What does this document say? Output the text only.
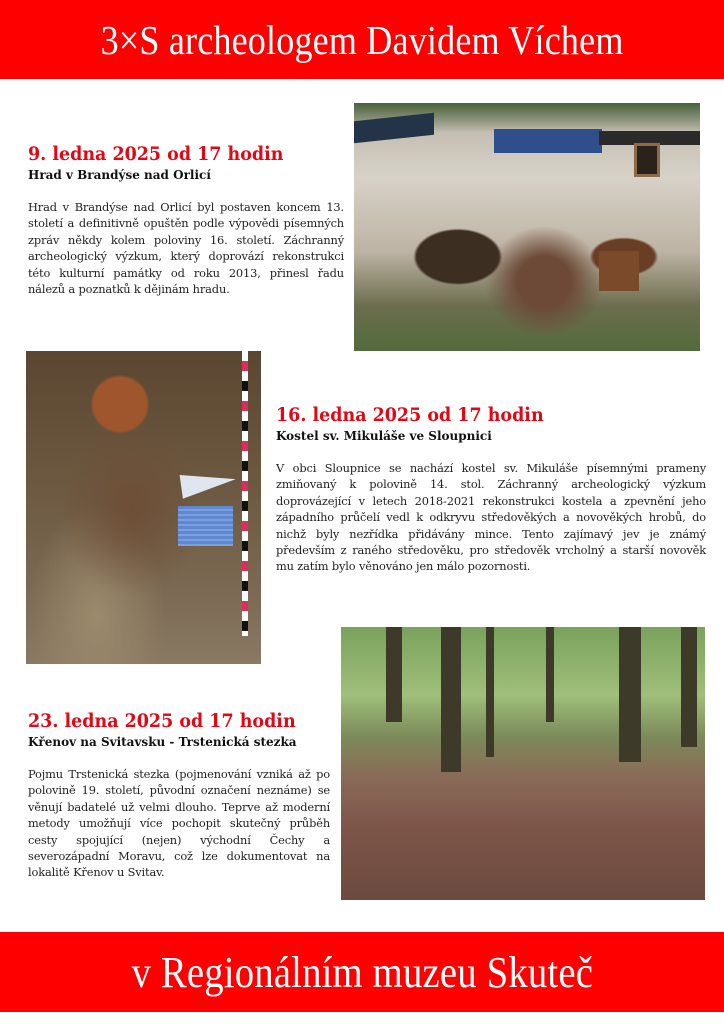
3×S archeologem Davidem Víchem
9. ledna 2025 od 17 hodin
Hrad v Brandýse nad Orlicí
Hrad v Brandýse nad Orlicí byl postaven koncem 13. století a definitivně opuštěn podle výpovědi písemných zpráv někdy kolem poloviny 16. století. Záchranný archeologický výzkum, který doprovází rekonstrukci této kulturní památky od roku 2013, přinesl řadu nálezů a poznatků k dějinám hradu.
16. ledna 2025 od 17 hodin
Kostel sv. Mikuláše ve Sloupnici
V obci Sloupnice se nachází kostel sv. Mikuláše písemnými prameny zmiňovaný k polovině 14. stol. Záchranný archeologický výzkum doprovázející v letech 2018-2021 rekonstrukci kostela a zpevnění jeho západního průčelí vedl k odkryvu středověkých a novověkých hrobů, do nichž byly nezřídka přidávány mince. Tento zajímavý jev je známý především z raného středověku, pro středověk vrcholný a starší novověk mu zatím bylo věnováno jen málo pozornosti.
23. ledna 2025 od 17 hodin
Křenov na Svitavsku - Trstenická stezka
Pojmu Trstenická stezka (pojmenování vzniká až po polovině 19. století, původní označení neznáme) se věnují badatelé už velmi dlouho. Teprve až moderní metody umožňují více pochopit skutečný průběh cesty spojující (nejen) východní Čechy a severozápadní Moravu, což lze dokumentovat na lokalitě Křenov u Svitav.
v Regionálním muzeu Skuteč
